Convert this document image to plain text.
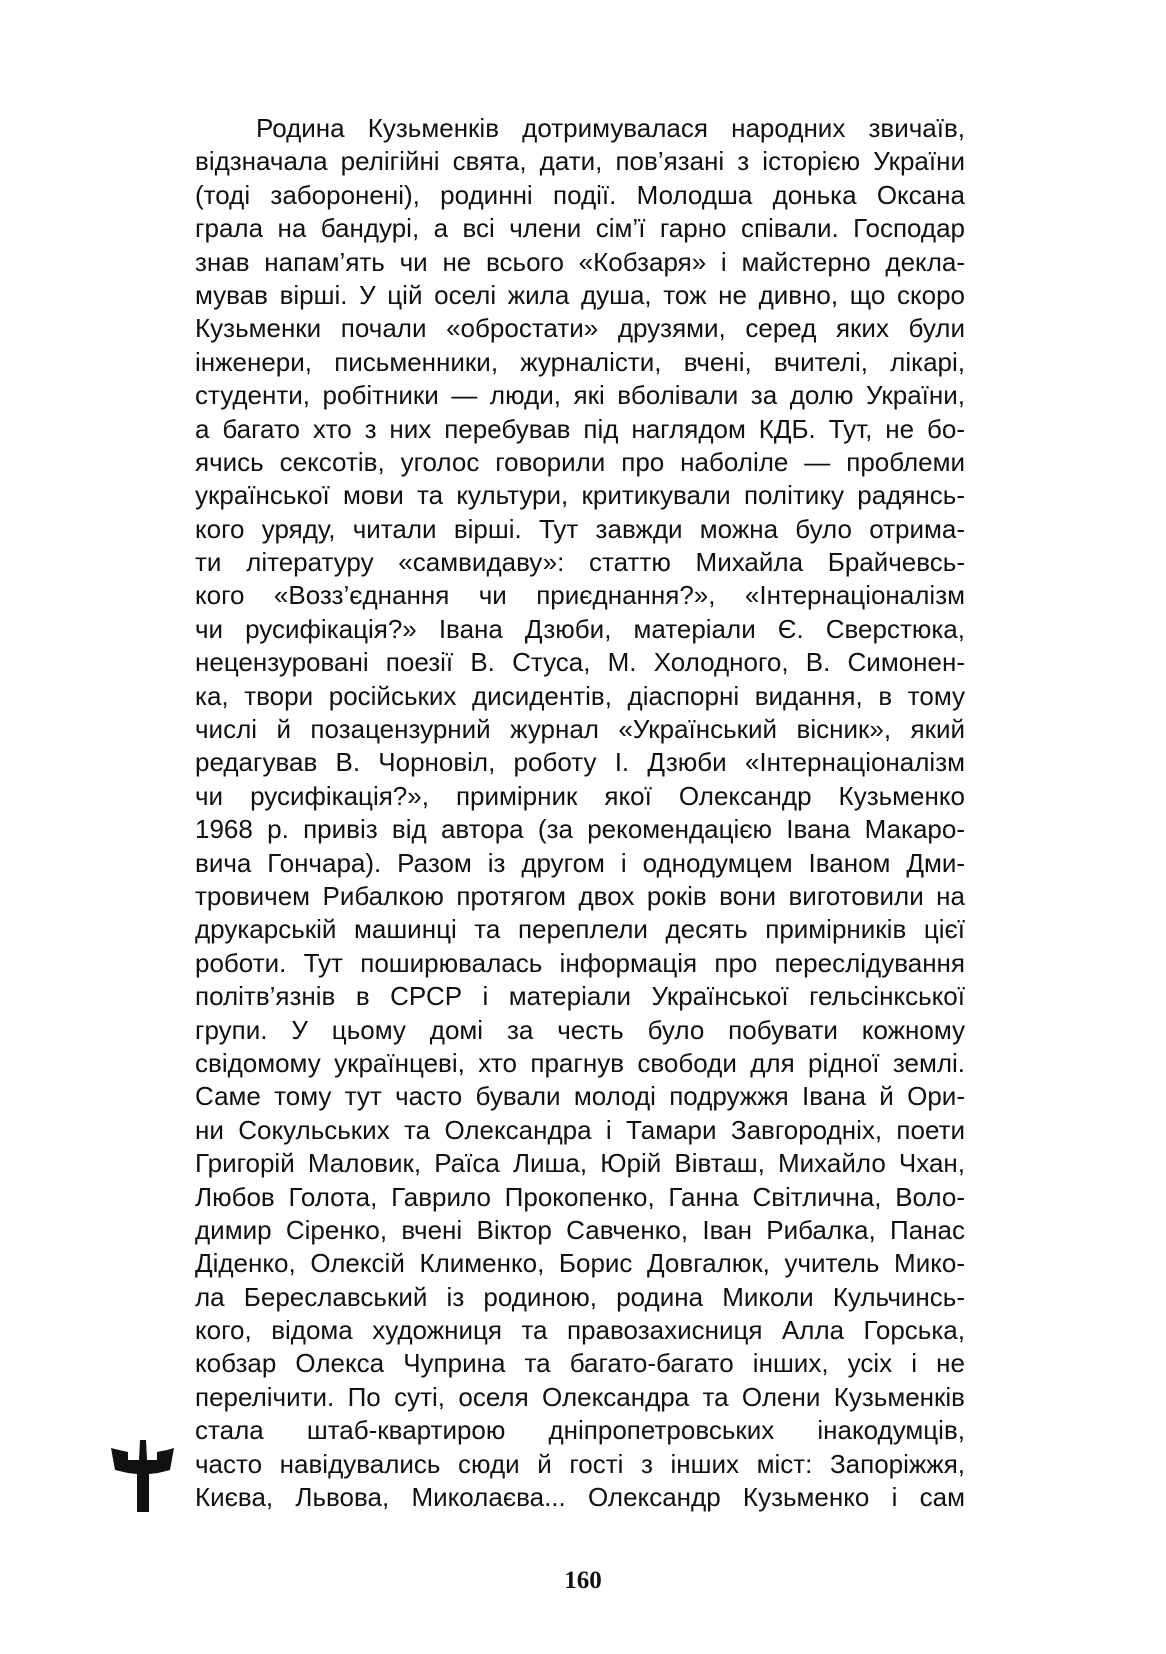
Родина Кузьменків дотримувалася народних звичаїв,
відзначала релігійні свята, дати, пов’язані з історією України
(тоді заборонені), родинні події. Молодша донька Оксана
грала на бандурі, а всі члени сім’ї гарно співали. Господар
знав напам’ять чи не всього «Кобзаря» і майстерно декла-
мував вірші. У цій оселі жила душа, тож не дивно, що скоро
Кузьменки почали «обростати» друзями, серед яких були
інженери, письменники, журналісти, вчені, вчителі, лікарі,
студенти, робітники — люди, які вболівали за долю України,
а багато хто з них перебував під наглядом КДБ. Тут, не бо-
ячись сексотів, уголос говорили про наболіле — проблеми
української мови та культури, критикували політику радянсь-
кого уряду, читали вірші. Тут завжди можна було отрима-
ти літературу «самвидаву»: статтю Михайла Брайчевсь-
кого «Возз’єднання чи приєднання?», «Інтернаціоналізм
чи русифікація?» Івана Дзюби, матеріали Є. Сверстюка,
нецензуровані поезії В. Стуса, М. Холодного, В. Симонен-
ка, твори російських дисидентів, діаспорні видання, в тому
числі й позацензурний журнал «Український вісник», який
редагував В. Чорновіл, роботу І. Дзюби «Інтернаціоналізм
чи русифікація?», примірник якої Олександр Кузьменко
1968 р. привіз від автора (за рекомендацією Івана Макаро-
вича Гончара). Разом із другом і однодумцем Іваном Дми-
тровичем Рибалкою протягом двох років вони виготовили на
друкарській машинці та переплели десять примірників цієї
роботи. Тут поширювалась інформація про переслідування
політв’язнів в СРСР і матеріали Української гельсінкської
групи. У цьому домі за честь було побувати кожному
свідомому українцеві, хто прагнув свободи для рідної землі.
Саме тому тут часто бували молоді подружжя Івана й Ори-
ни Сокульських та Олександра і Тамари Завгородніх, поети
Григорій Маловик, Раїса Лиша, Юрій Вівташ, Михайло Чхан,
Любов Голота, Гаврило Прокопенко, Ганна Світлична, Воло-
димир Сіренко, вчені Віктор Савченко, Іван Рибалка, Панас
Діденко, Олексій Клименко, Борис Довгалюк, учитель Мико-
ла Береславський із родиною, родина Миколи Кульчинсь-
кого, відома художниця та правозахисниця Алла Горська,
кобзар Олекса Чуприна та багато-багато інших, усіх і не
перелічити. По суті, оселя Олександра та Олени Кузьменків
стала штаб-квартирою дніпропетровських інакодумців,
часто навідувались сюди й гості з інших міст: Запоріжжя,
Києва, Львова, Миколаєва... Олександр Кузьменко і сам
160
